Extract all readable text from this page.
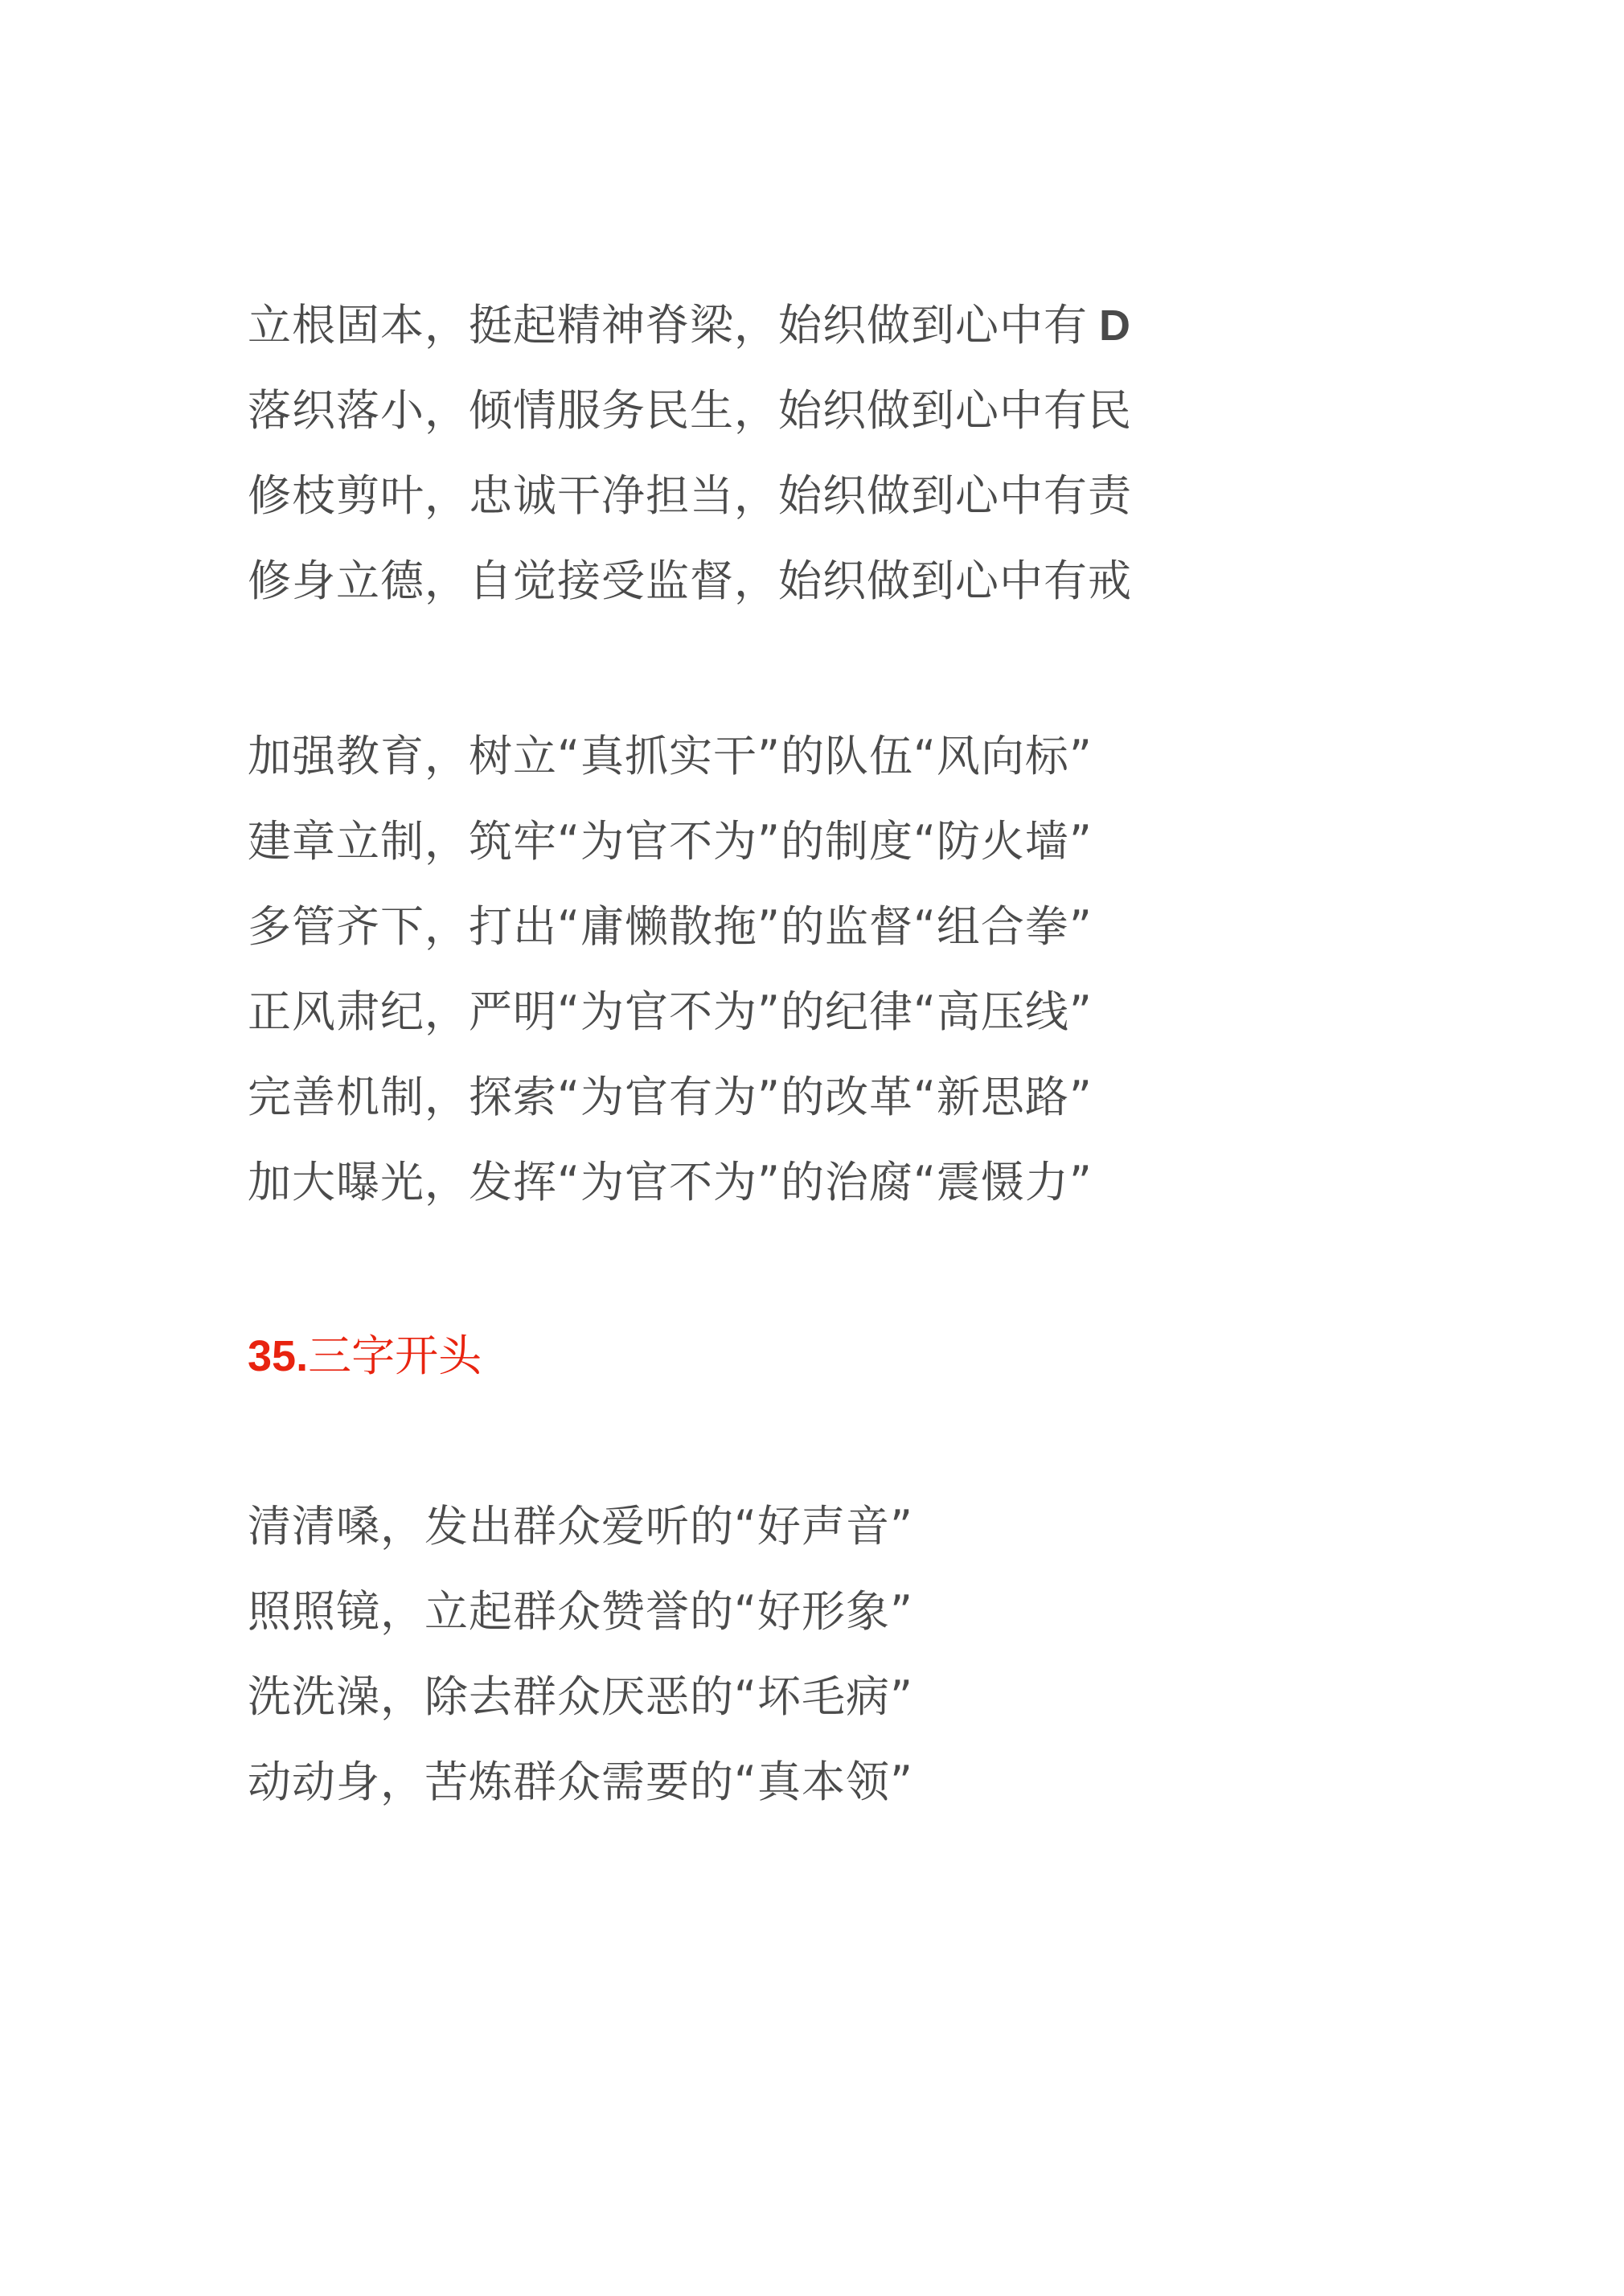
立根固本，挺起精神脊梁，始织做到心中有 D
落织落小，倾情服务民生，始织做到心中有民
修枝剪叶，忠诚干净担当，始织做到心中有责
修身立德，自觉接受监督，始织做到心中有戒
加强教育，树立“真抓实干”的队伍“风向标”
建章立制，筑牢“为官不为”的制度“防火墙”
多管齐下，打出“庸懒散拖”的监督“组合拳”
正风肃纪，严明“为官不为”的纪律“高压线”
完善机制，探索“为官有为”的改革“新思路”
加大曝光，发挥“为官不为”的治腐“震慑力”
35.三字开头
清清嗓，发出群众爱听的“好声音”
照照镜，立起群众赞誉的“好形象”
洗洗澡，除去群众厌恶的“坏毛病”
动动身，苦炼群众需要的“真本领”
